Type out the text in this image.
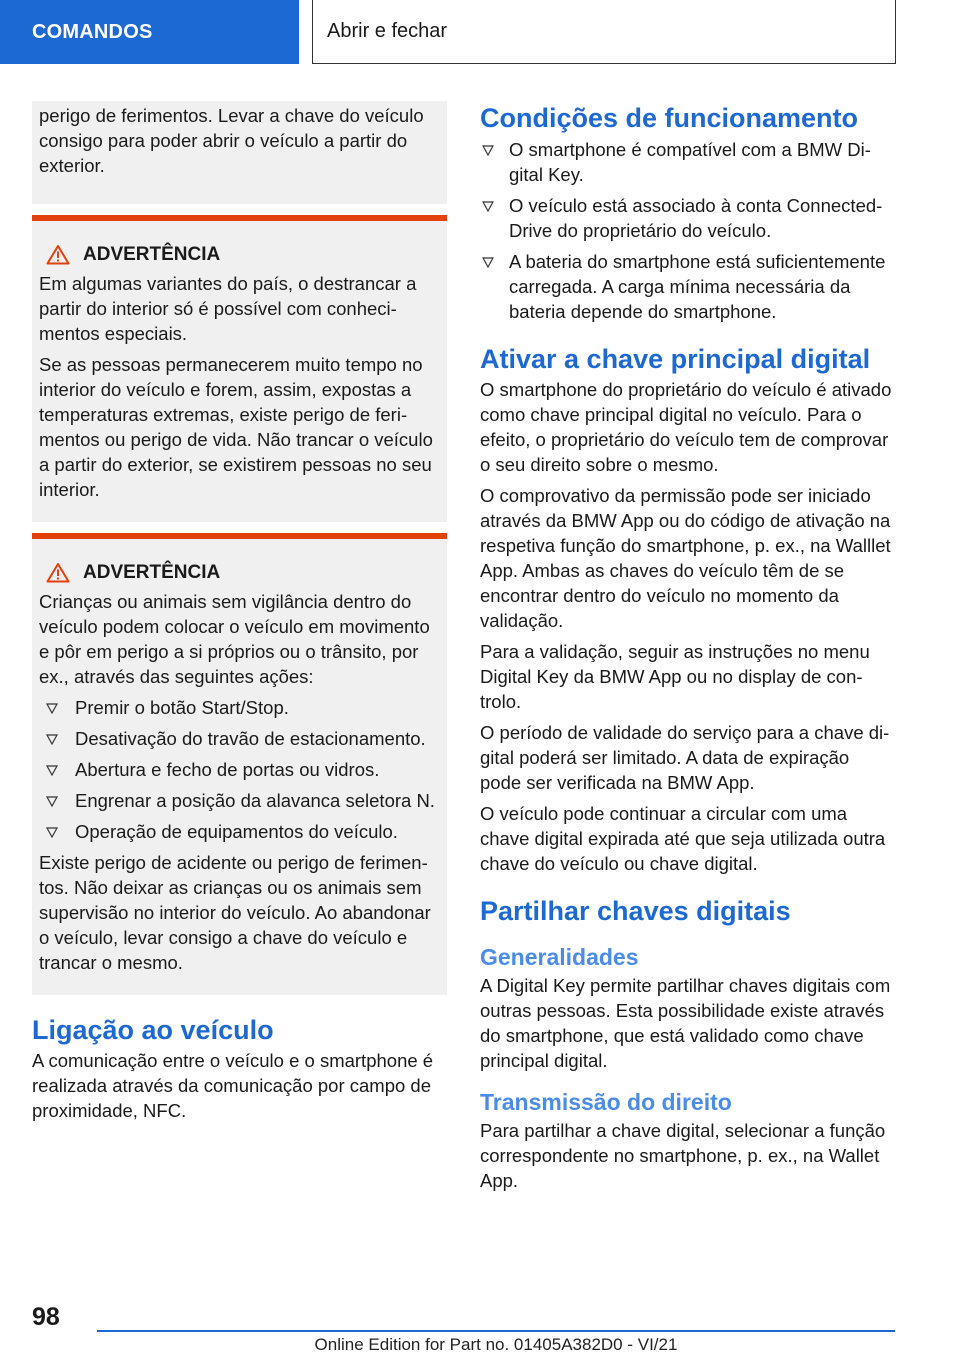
COMANDOS	Abrir e fechar

perigo de ferimentos. Levar a chave do veículo consigo para poder abrir o veículo a partir do exterior.

ADVERTÊNCIA

Em algumas variantes do país, o destrancar a partir do interior só é possível com conhecimentos especiais.

Se as pessoas permanecerem muito tempo no interior do veículo e forem, assim, expostas a temperaturas extremas, existe perigo de ferimentos ou perigo de vida. Não trancar o veículo a partir do exterior, se existirem pessoas no seu interior.

ADVERTÊNCIA

Crianças ou animais sem vigilância dentro do veículo podem colocar o veículo em movimento e pôr em perigo a si próprios ou o trânsito, por ex., através das seguintes ações:

Premir o botão Start/Stop.
Desativação do travão de estacionamento.
Abertura e fecho de portas ou vidros.
Engrenar a posição da alavanca seletora N.
Operação de equipamentos do veículo.

Existe perigo de acidente ou perigo de ferimentos. Não deixar as crianças ou os animais sem supervisão no interior do veículo. Ao abandonar o veículo, levar consigo a chave do veículo e trancar o mesmo.

Ligação ao veículo

A comunicação entre o veículo e o smartphone é realizada através da comunicação por campo de proximidade, NFC.

Condições de funcionamento
O smartphone é compatível com a BMW Digital Key.
O veículo está associado à conta ConnectedDrive do proprietário do veículo.
A bateria do smartphone está suficientemente carregada. A carga mínima necessária da bateria depende do smartphone.
Ativar a chave principal digital

O smartphone do proprietário do veículo é ativado como chave principal digital no veículo. Para o efeito, o proprietário do veículo tem de comprovar o seu direito sobre o mesmo.

O comprovativo da permissão pode ser iniciado através da BMW App ou do código de ativação na respetiva função do smartphone, p. ex., na Walllet App. Ambas as chaves do veículo têm de se encontrar dentro do veículo no momento da validação.

Para a validação, seguir as instruções no menu Digital Key da BMW App ou no display de controlo.

O período de validade do serviço para a chave digital poderá ser limitado. A data de expiração pode ser verificada na BMW App.

O veículo pode continuar a circular com uma chave digital expirada até que seja utilizada outra chave do veículo ou chave digital.

Partilhar chaves digitais
Generalidades

A Digital Key permite partilhar chaves digitais com outras pessoas. Esta possibilidade existe através do smartphone, que está validado como chave principal digital.

Transmissão do direito

Para partilhar a chave digital, selecionar a função correspondente no smartphone, p. ex., na Wallet App.

98
Online Edition for Part no. 01405A382D0 - VI/21
